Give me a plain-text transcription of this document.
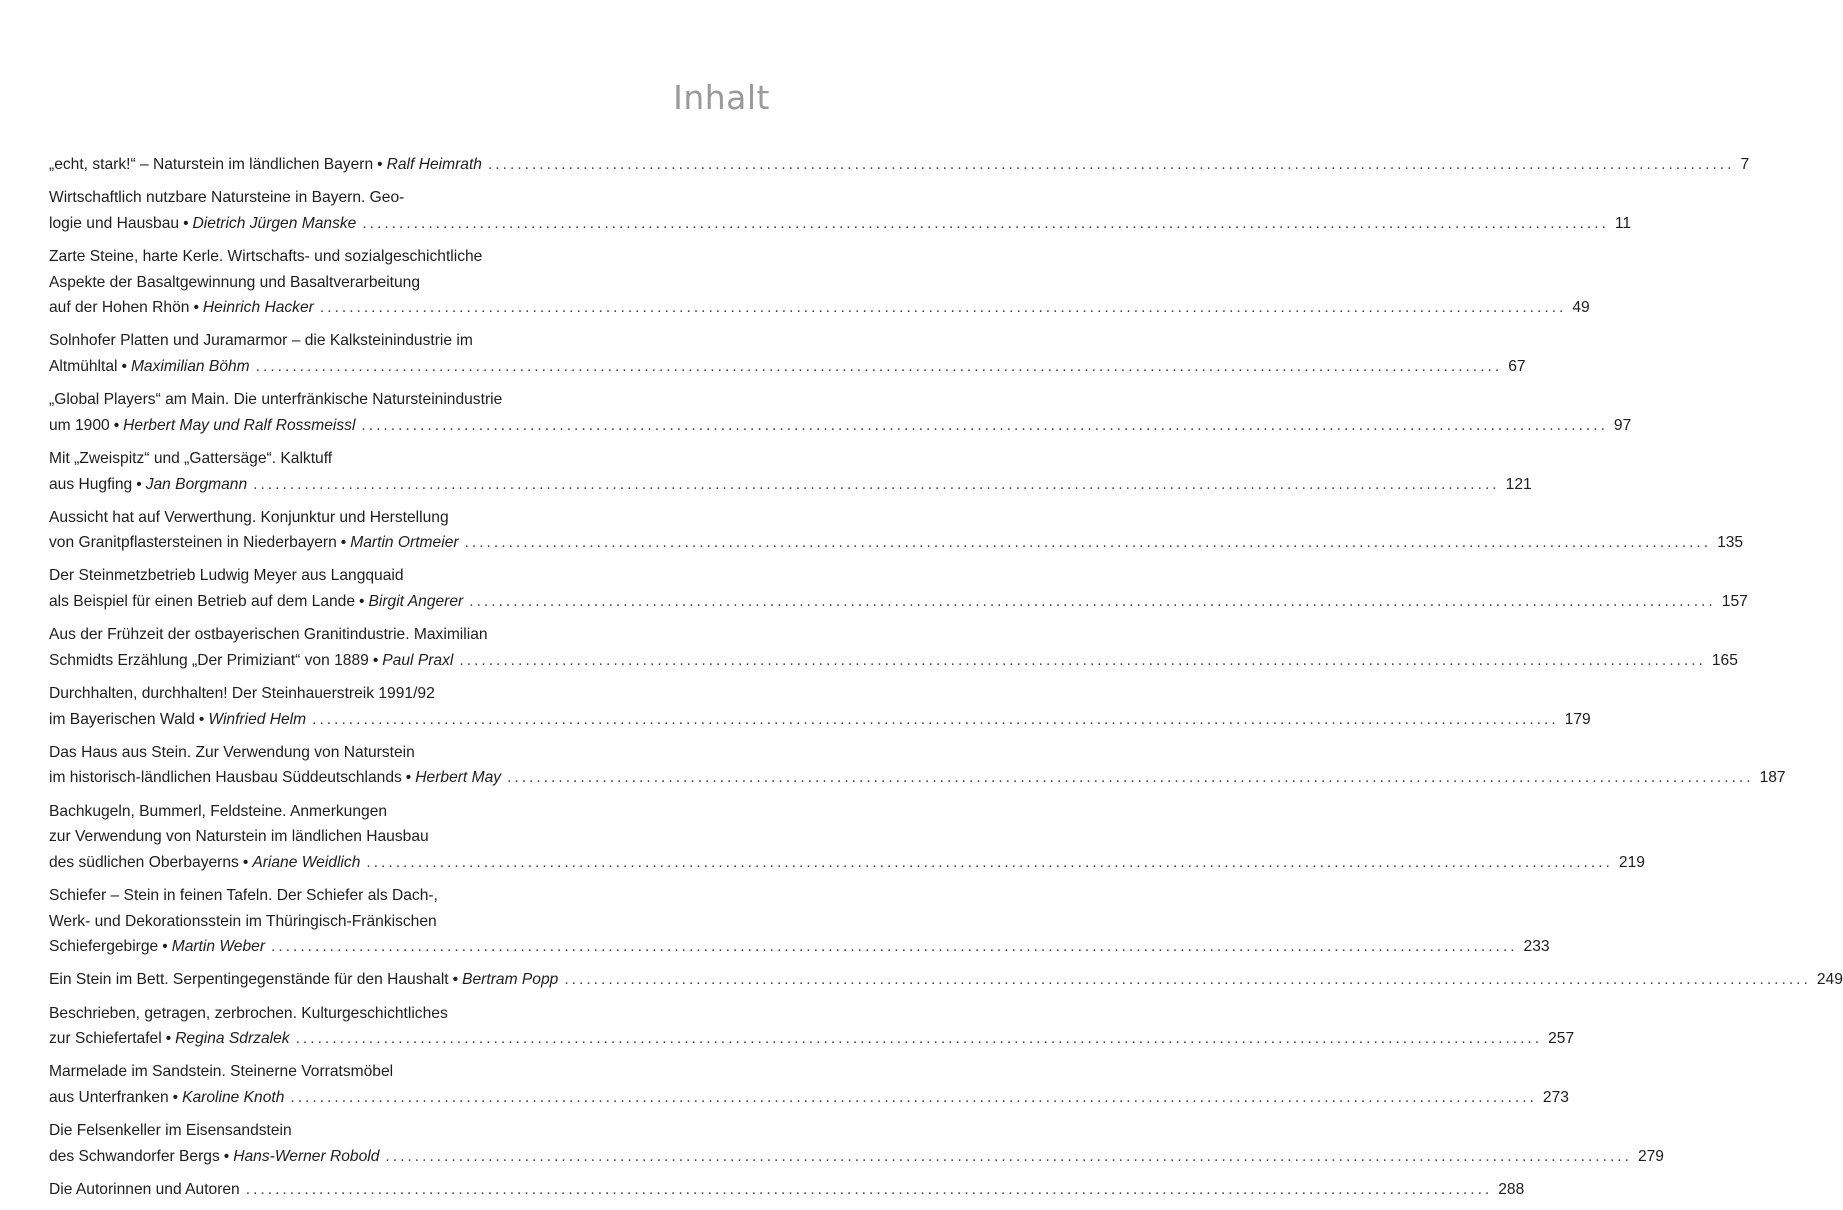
Inhalt
„echt, stark!“ – Naturstein im ländlichen Bayern • Ralf Heimrath .......................................................................................................................................................................... 7
Wirtschaftlich nutzbare Natursteine in Bayern. Geo-
logie und Hausbau • Dietrich Jürgen Manske .......................................................................................................................................................................... 11
Zarte Steine, harte Kerle. Wirtschafts- und sozialgeschichtliche
Aspekte der Basaltgewinnung und Basaltverarbeitung
auf der Hohen Rhön • Heinrich Hacker .......................................................................................................................................................................... 49
Solnhofer Platten und Juramarmor – die Kalksteinindustrie im
Altmühltal • Maximilian Böhm .......................................................................................................................................................................... 67
„Global Players“ am Main. Die unterfränkische Natursteinindustrie
um 1900 • Herbert May und Ralf Rossmeissl .......................................................................................................................................................................... 97
Mit „Zweispitz“ und „Gattersäge“. Kalktuff
aus Hugfing • Jan Borgmann .......................................................................................................................................................................... 121
Aussicht hat auf Verwerthung. Konjunktur und Herstellung
von Granitpflastersteinen in Niederbayern • Martin Ortmeier .......................................................................................................................................................................... 135
Der Steinmetzbetrieb Ludwig Meyer aus Langquaid
als Beispiel für einen Betrieb auf dem Lande • Birgit Angerer .......................................................................................................................................................................... 157
Aus der Frühzeit der ostbayerischen Granitindustrie. Maximilian
Schmidts Erzählung „Der Primiziant“ von 1889 • Paul Praxl .......................................................................................................................................................................... 165
Durchhalten, durchhalten! Der Steinhauerstreik 1991/92
im Bayerischen Wald • Winfried Helm .......................................................................................................................................................................... 179
Das Haus aus Stein. Zur Verwendung von Naturstein
im historisch-ländlichen Hausbau Süddeutschlands • Herbert May .......................................................................................................................................................................... 187
Bachkugeln, Bummerl, Feldsteine. Anmerkungen
zur Verwendung von Naturstein im ländlichen Hausbau
des südlichen Oberbayerns • Ariane Weidlich .......................................................................................................................................................................... 219
Schiefer – Stein in feinen Tafeln. Der Schiefer als Dach-,
Werk- und Dekorationsstein im Thüringisch-Fränkischen
Schiefergebirge • Martin Weber .......................................................................................................................................................................... 233
Ein Stein im Bett. Serpentingegenstände für den Haushalt • Bertram Popp .......................................................................................................................................................................... 249
Beschrieben, getragen, zerbrochen. Kulturgeschichtliches
zur Schiefertafel • Regina Sdrzalek .......................................................................................................................................................................... 257
Marmelade im Sandstein. Steinerne Vorratsmöbel
aus Unterfranken • Karoline Knoth .......................................................................................................................................................................... 273
Die Felsenkeller im Eisensandstein
des Schwandorfer Bergs • Hans-Werner Robold .......................................................................................................................................................................... 279
Die Autorinnen und Autoren .......................................................................................................................................................................... 288
